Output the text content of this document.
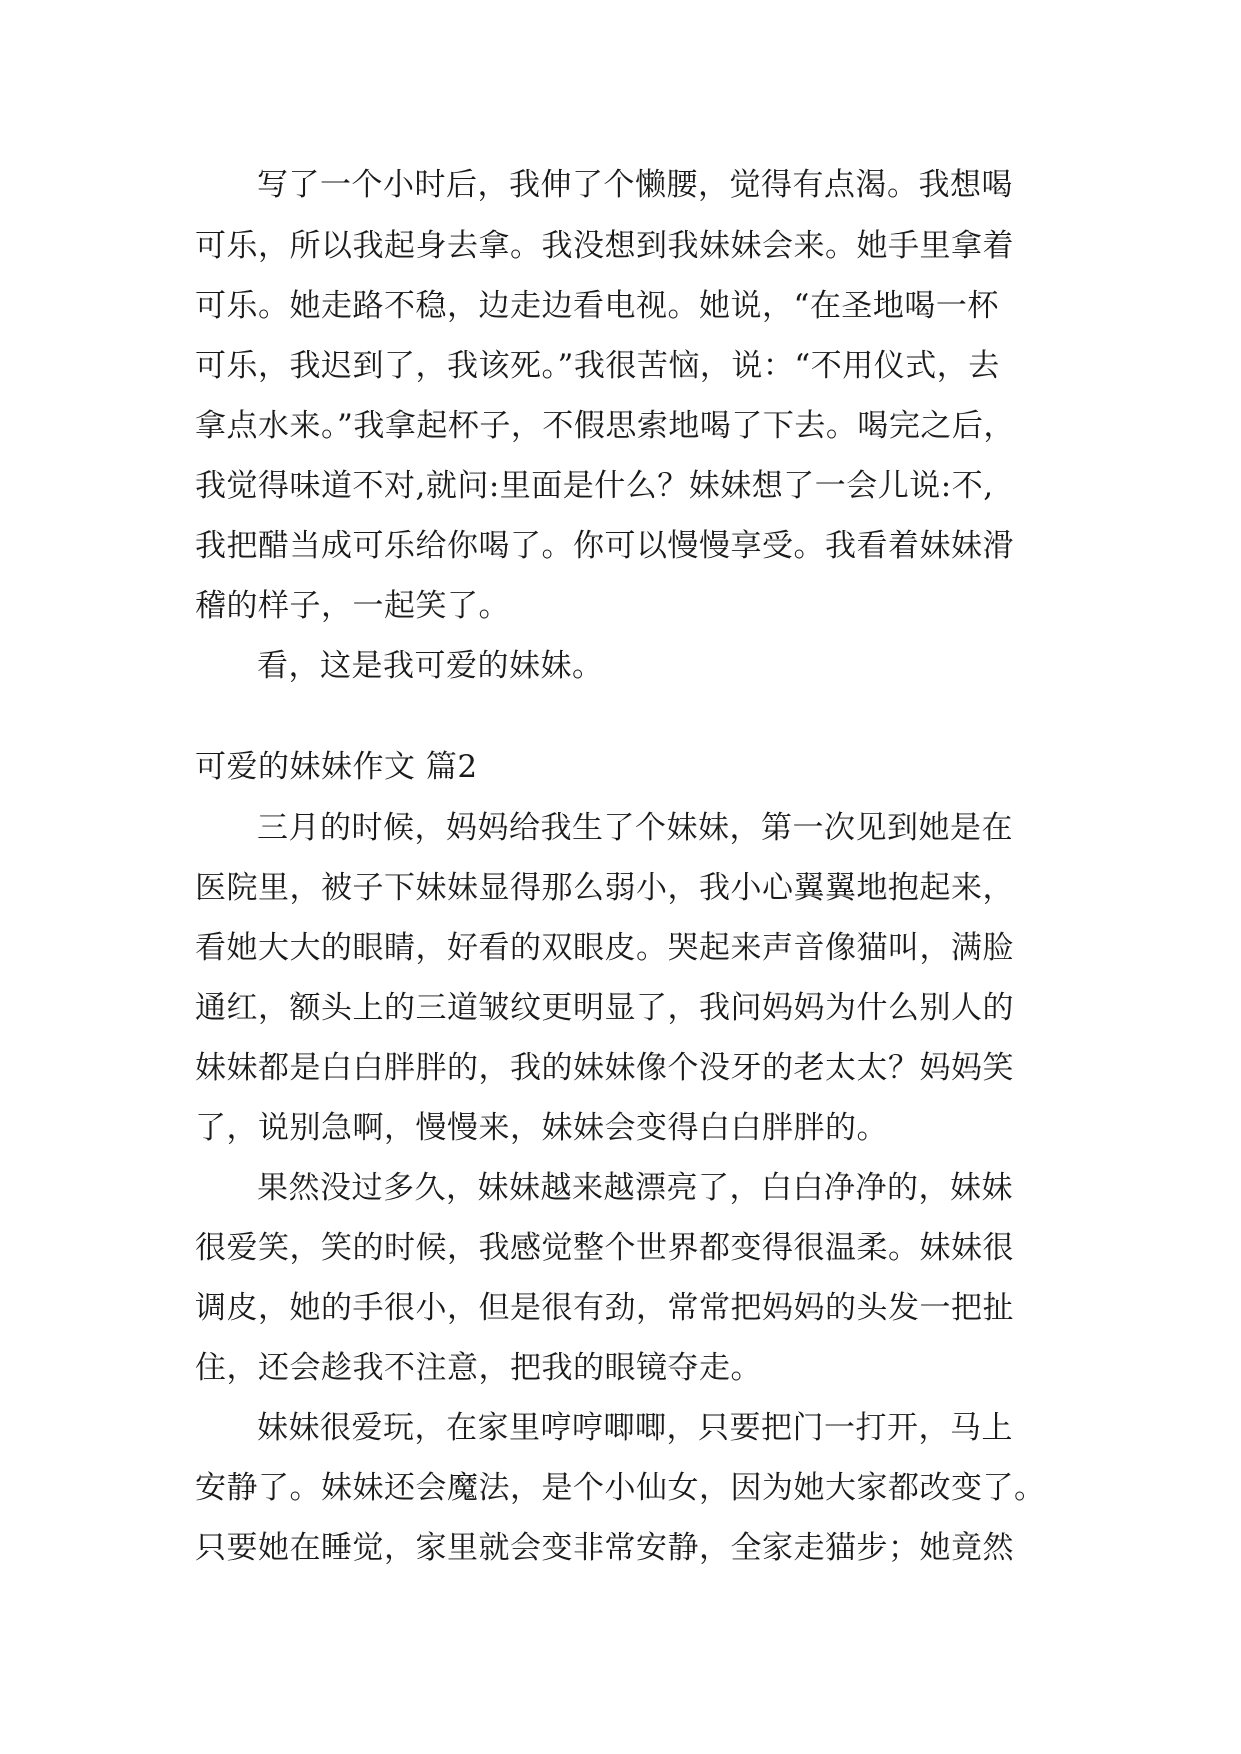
写了一个小时后，我伸了个懒腰，觉得有点渴。我想喝
可乐，所以我起身去拿。我没想到我妹妹会来。她手里拿着
可乐。她走路不稳，边走边看电视。她说，“在圣地喝一杯
可乐，我迟到了，我该死。”我很苦恼，说：“不用仪式，去
拿点水来。”我拿起杯子，不假思索地喝了下去。喝完之后，
我觉得味道不对,就问:里面是什么？妹妹想了一会儿说:不,
我把醋当成可乐给你喝了。你可以慢慢享受。我看着妹妹滑
稽的样子，一起笑了。
看，这是我可爱的妹妹。
可爱的妹妹作文 篇2
三月的时候，妈妈给我生了个妹妹，第一次见到她是在
医院里，被子下妹妹显得那么弱小，我小心翼翼地抱起来，
看她大大的眼睛，好看的双眼皮。哭起来声音像猫叫，满脸
通红，额头上的三道皱纹更明显了，我问妈妈为什么别人的
妹妹都是白白胖胖的，我的妹妹像个没牙的老太太？妈妈笑
了，说别急啊，慢慢来，妹妹会变得白白胖胖的。
果然没过多久，妹妹越来越漂亮了，白白净净的，妹妹
很爱笑，笑的时候，我感觉整个世界都变得很温柔。妹妹很
调皮，她的手很小，但是很有劲，常常把妈妈的头发一把扯
住，还会趁我不注意，把我的眼镜夺走。
妹妹很爱玩，在家里哼哼唧唧，只要把门一打开，马上
安静了。妹妹还会魔法，是个小仙女，因为她大家都改变了。
只要她在睡觉，家里就会变非常安静，全家走猫步；她竟然
